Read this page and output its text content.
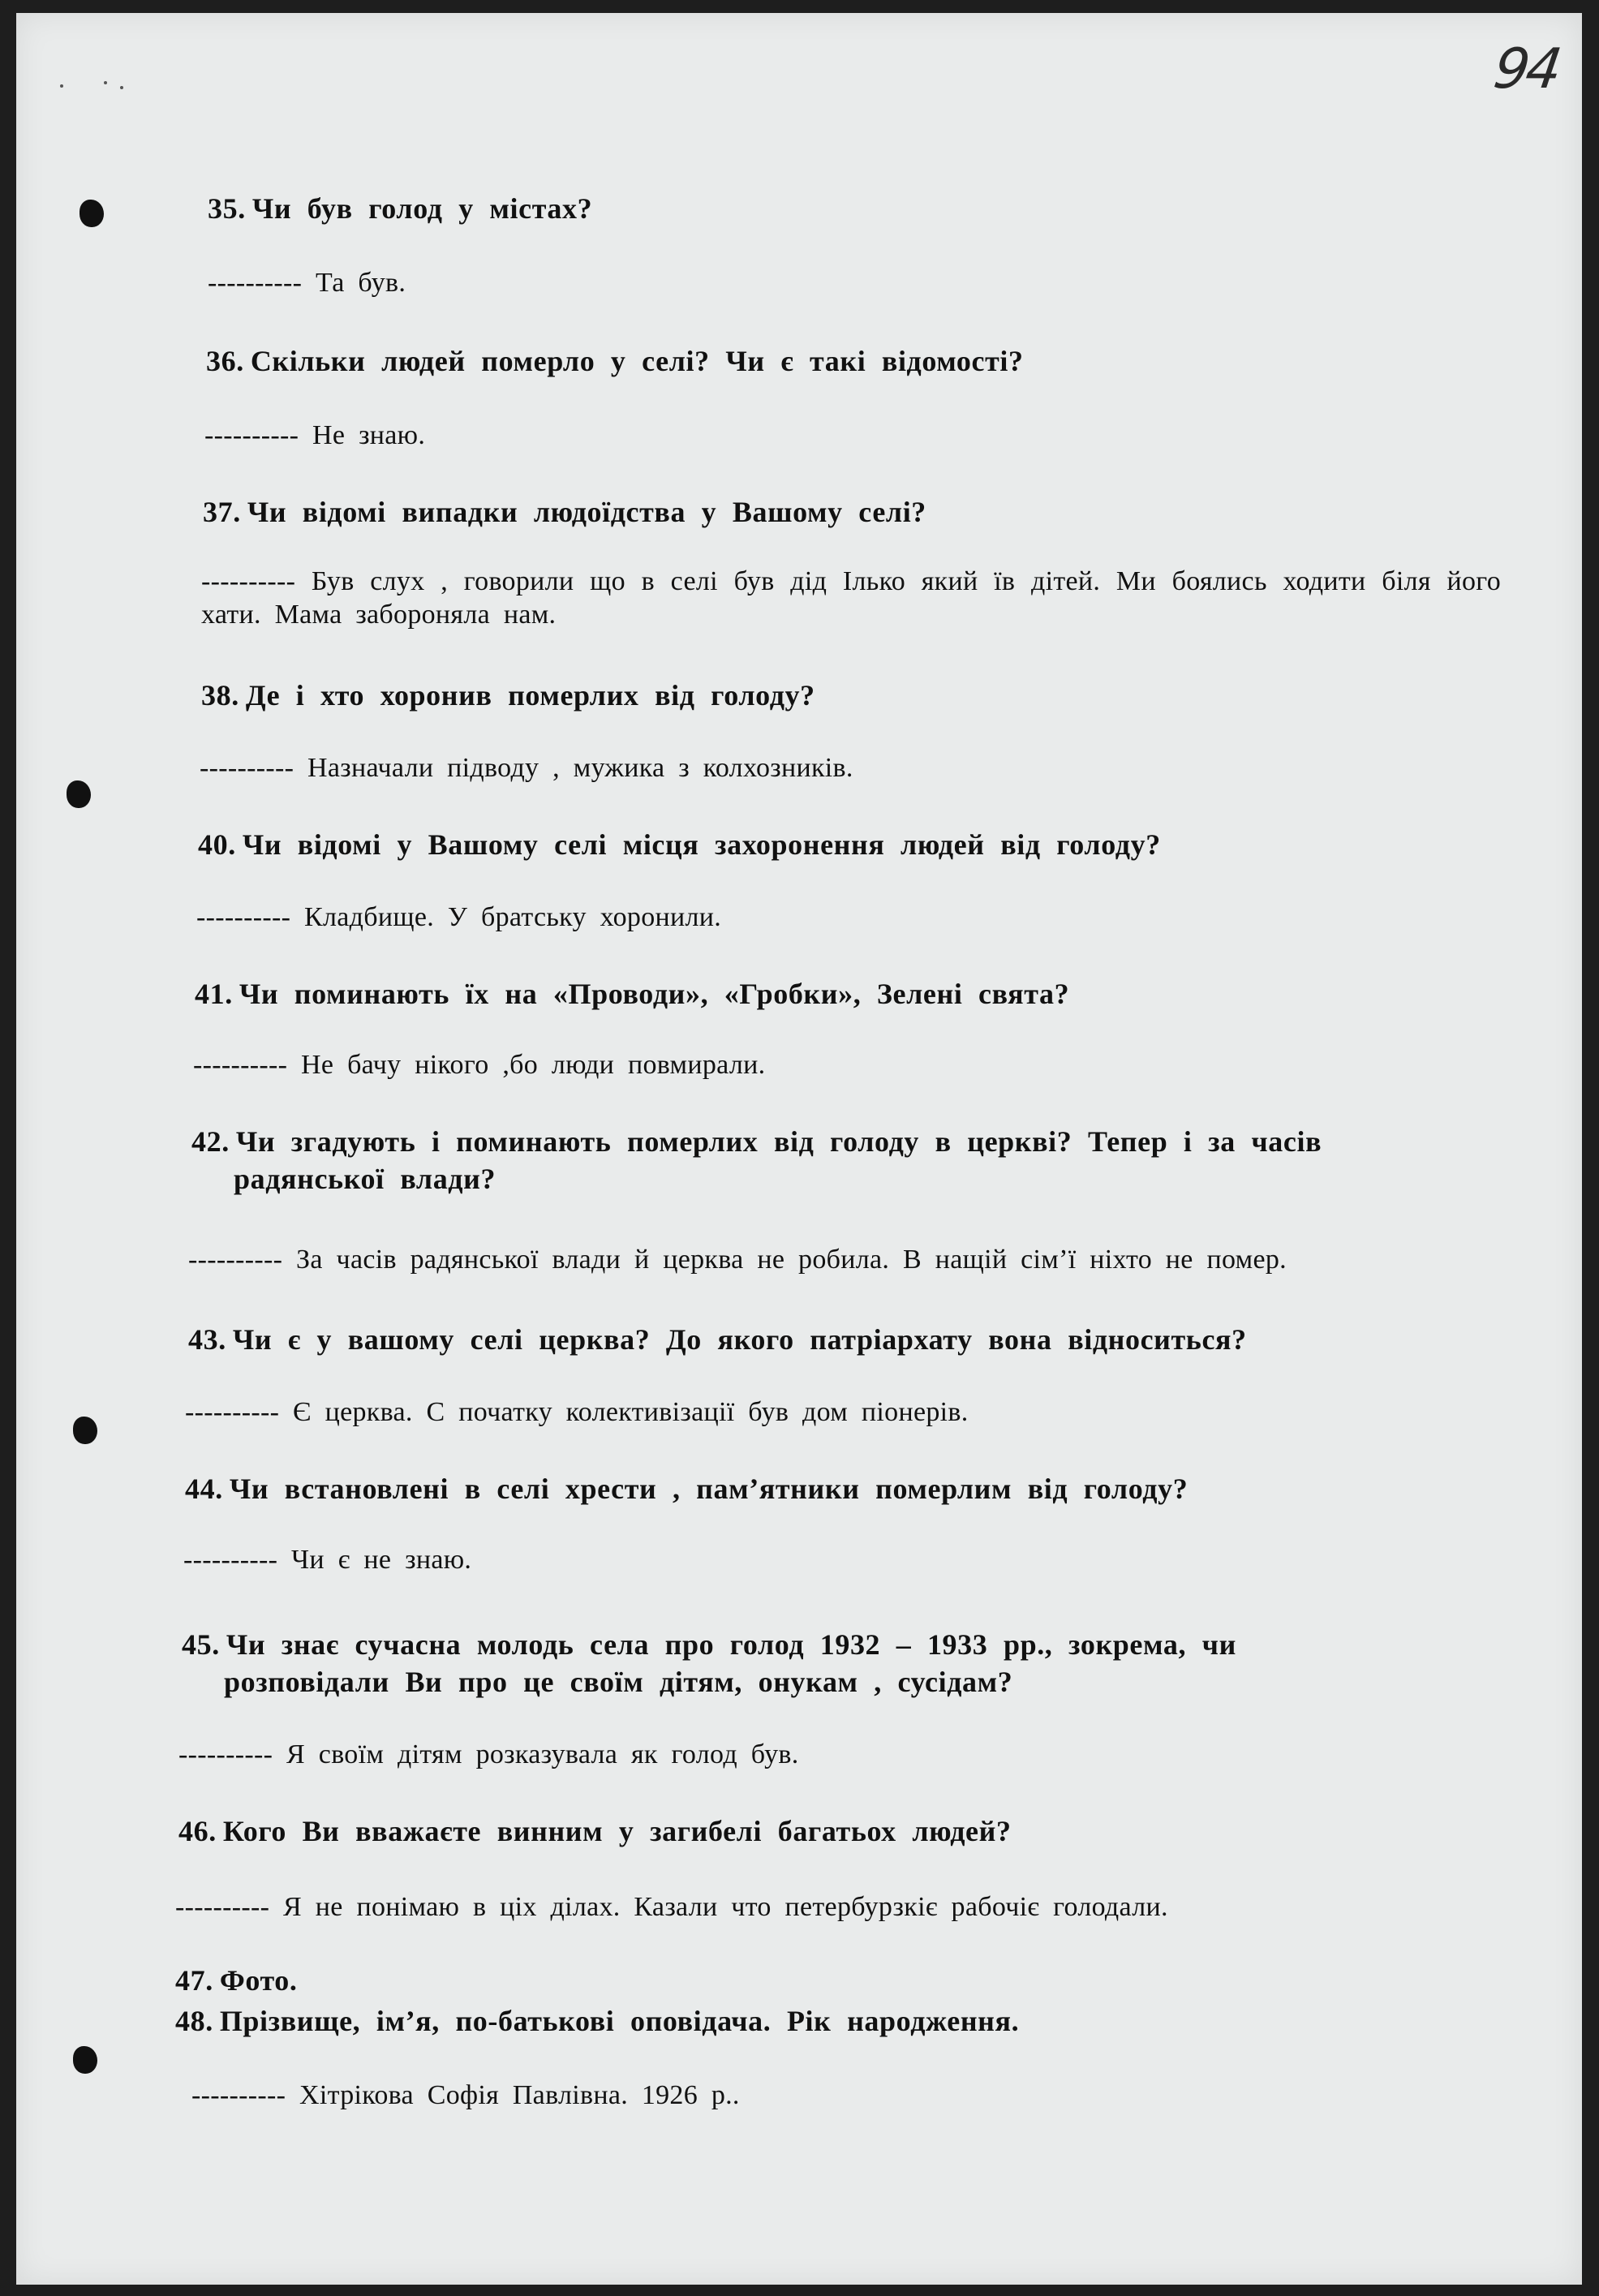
94
35. Чи був голод у містах?
---------- Та був.
36. Скільки людей померло у селі? Чи є такі відомості?
---------- Не знаю.
37. Чи відомі випадки людоїдства у Вашому селі?
---------- Був слух , говорили що в селі був дід Ілько який їв дітей. Ми боялись ходити біля його хати. Мама забороняла нам.
38. Де і хто хоронив померлих від голоду?
---------- Назначали підводу , мужика з колхозників.
40. Чи відомі у Вашому селі місця захоронення людей від голоду?
---------- Кладбище. У братську хоронили.
41. Чи поминають їх на «Проводи», «Гробки», Зелені свята?
---------- Не бачу нікого ,бо люди повмирали.
42. Чи згадують і поминають померлих від голоду в церкві? Тепер і за часів
радянської влади?
---------- За часів радянської влади й церква не робила. В нащій сім’ї ніхто не помер.
43. Чи є у вашому селі церква? До якого патріархату вона відноситься?
---------- Є церква. С початку колективізації був дом піонерів.
44. Чи встановлені в селі хрести , пам’ятники померлим від голоду?
---------- Чи є не знаю.
45. Чи знає сучасна молодь села про голод 1932 – 1933 рр., зокрема, чи
розповідали Ви про це своїм дітям, онукам , сусідам?
---------- Я своїм дітям розказувала як голод був.
46. Кого Ви вважаєте винним у загибелі багатьох людей?
---------- Я не понімаю в ціх ділах. Казали что петербурзкіє рабочіє голодали.
47. Фото.
48. Прізвище, ім’я, по-батькові оповідача. Рік народження.
---------- Хітрікова Софія Павлівна. 1926 р..
